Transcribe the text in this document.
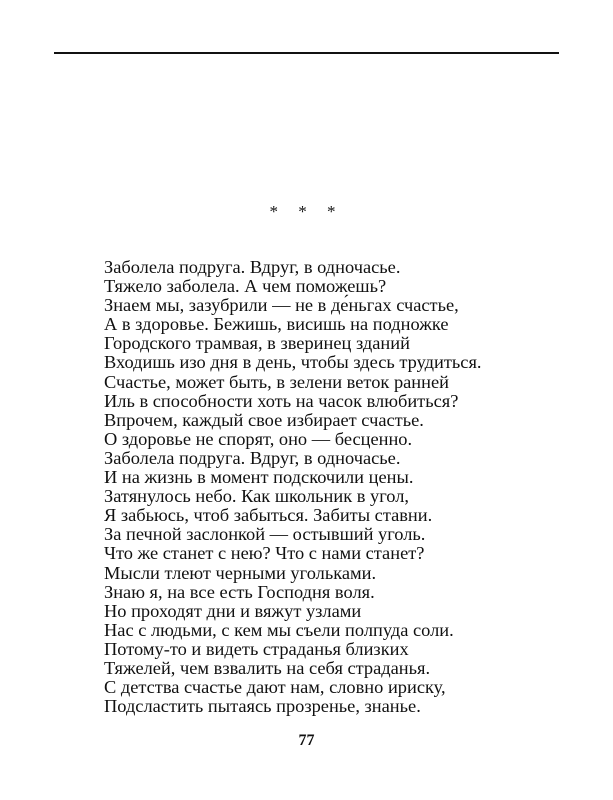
* * *
Заболела подруга. Вдруг, в одночасье.
Тяжело заболела. А чем поможешь?
Знаем мы, зазубрили — не в де́ньгах счастье,
А в здоровье. Бежишь, висишь на подножке
Городского трамвая, в зверинец зданий
Входишь изо дня в день, чтобы здесь трудиться.
Счастье, может быть, в зелени веток ранней
Иль в способности хоть на часок влюбиться?
Впрочем, каждый свое избирает счастье.
О здоровье не спорят, оно — бесценно.
Заболела подруга. Вдруг, в одночасье.
И на жизнь в момент подскочили цены.
Затянулось небо. Как школьник в угол,
Я забьюсь, чтоб забыться. Забиты ставни.
За печной заслонкой — остывший уголь.
Что же станет с нею? Что с нами станет?
Мысли тлеют черными угольками.
Знаю я, на все есть Господня воля.
Но проходят дни и вяжут узлами
Нас с людьми, с кем мы съели полпуда соли.
Потому-то и видеть страданья близких
Тяжелей, чем взвалить на себя страданья.
С детства счастье дают нам, словно ириску,
Подсластить пытаясь прозренье, знанье.
77
